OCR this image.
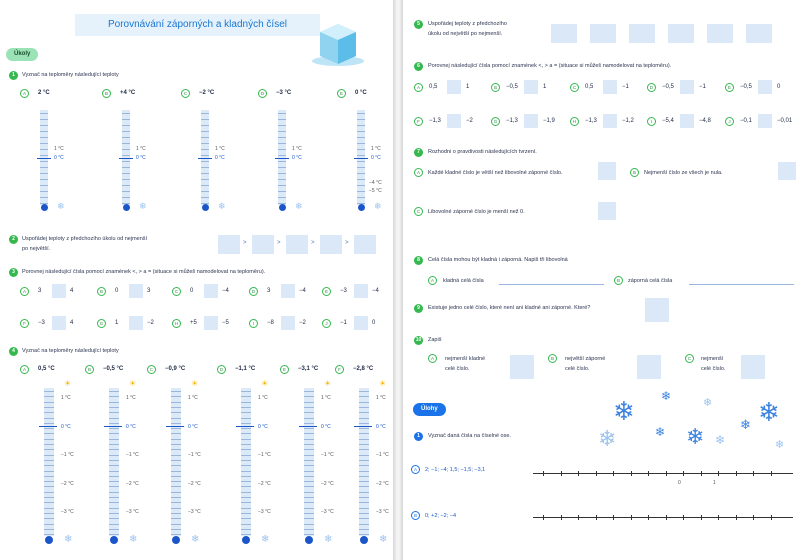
Porovnávání záporných a kladných čísel
Úkoly
1	Vyznač na teploměry následující teploty
2	Uspořádej teploty z předchozího úkolu od nejmenší
po největší.
3	Porovnej následující čísla pomocí znamének <, > a = (situace si můžeš namodelovat na teploměru).
4	Vyznač na teploměry následující teploty
A	2 °C
1 °C
0 °C
❄
B	+4 °C
1 °C
0 °C
❄
C	−2 °C
1 °C
0 °C
❄
D	−3 °C
1 °C
0 °C
❄
E	0 °C
1 °C
0 °C
−4 °C
−5 °C
❄
>	>	>	>
A	3	4	B	0	3	C	0	−4	D	3	−4	E	−3	−4
F	−3	4	G	1	−2	H	+5	−5	I	−8	−2	J	−1	0
A	0,5 °C
☀
1 °C
0 °C
−1 °C
−2 °C
−3 °C
❄
B	−0,5 °C
☀
1 °C
0 °C
−1 °C
−2 °C
−3 °C
❄
C	−0,9 °C
☀
1 °C
0 °C
−1 °C
−2 °C
−3 °C
❄
D	−1,1 °C
☀
1 °C
0 °C
−1 °C
−2 °C
−3 °C
❄
E	−3,1 °C
☀
1 °C
0 °C
−1 °C
−2 °C
−3 °C
❄
F	−2,8 °C
☀
1 °C
0 °C
−1 °C
−2 °C
−3 °C
❄
5	Uspořádej teploty z předchozího
úkolu od největší po nejmenší.
6	Porovnej následující čísla pomocí znamének <, > a = (situace si můžeš namodelovat na teploměru).
7	Rozhodni o pravdivosti následujících tvrzení.
A	Každé kladné číslo je větší než libovolné záporné číslo.	B	Nejmenší číslo ze všech je nula.
C	Libovolné záporné číslo je menší než 0.
8	Celá čísla mohou být kladná i záporná. Napiš tři libovolná
A	kladná celá čísla	B	záporná celá čísla
9	Existuje jedno celé číslo, které není ani kladné ani záporné. Které?
10	Zapiš
A	nejmenší kladné
celé číslo.
B	největší záporné
celé číslo.
C	nejmenší
celé číslo.
Úlohy	❄ ❄	❄ ❄
❄	❄ ❄ ❄
❄
❄
1	Vyznač daná čísla na číselné ose.
A	2; −1; −4; 1,5; −1,5; −3,1
0	1
B	0; +2; −2; −4
A	0,5	1	B	−0,5	1	C	0,5	−1	D	−0,5	−1	E	−0,5	0
F	−1,3	−2	G	−1,3	−1,9	H	−1,3	−1,2	I	−5,4	−4,8	J	−0,1	−0,01
